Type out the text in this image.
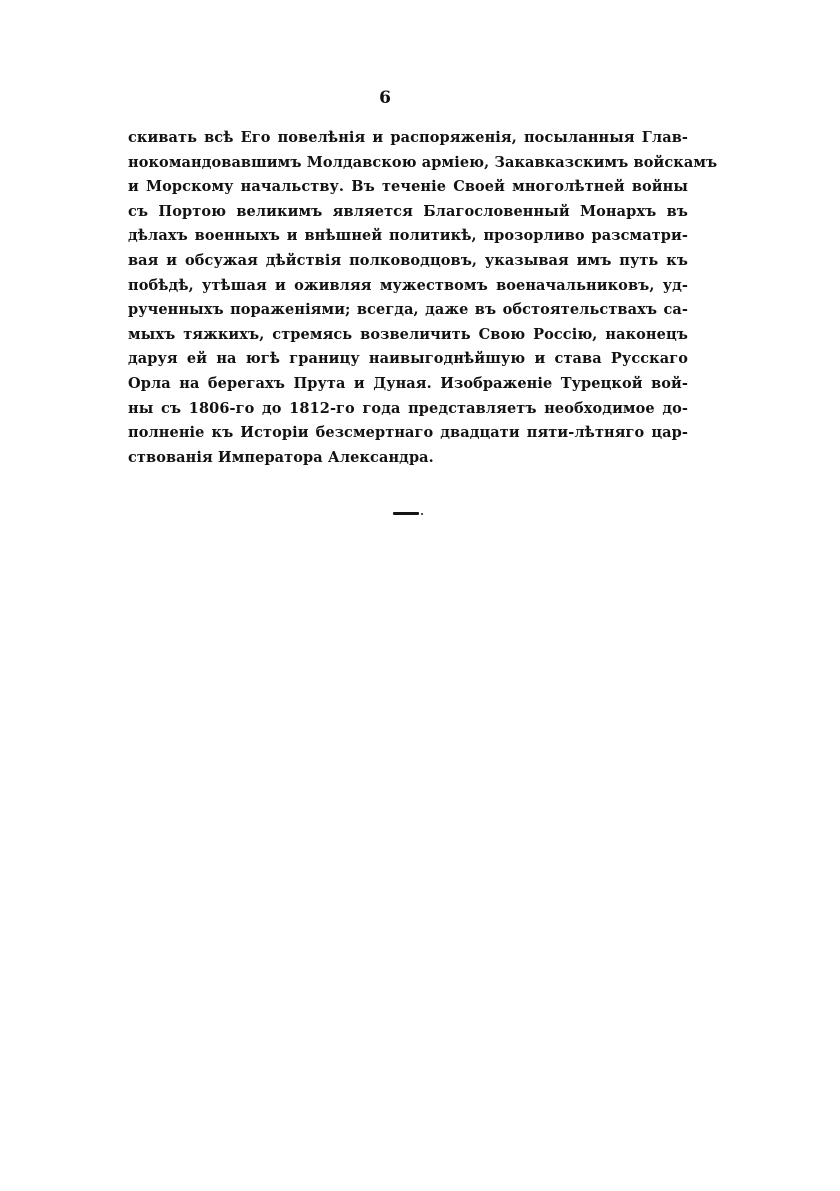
6
скивать всѣ Его повелѣнія и распоряженія, посыланныя Глав-
нокомандовавшимъ Молдавскою арміею, Закавказскимъ войскамъ
и Морскому начальству. Въ теченіе Своей многолѣтней войны
съ Портою великимъ является Благословенный Монархъ въ
дѣлахъ военныхъ и внѣшней политикѣ, прозорливо разсматри-
вая и обсужая дѣйствія полководцовъ, указывая имъ путь къ
побѣдѣ, утѣшая и оживляя мужествомъ военачальниковъ, уд-
рученныхъ пораженіями; всегда, даже въ обстоятельствахъ са-
мыхъ тяжкихъ, стремясь возвеличить Свою Россію, наконецъ
даруя ей на югѣ границу наивыгоднѣйшую и става Русскаго
Орла на берегахъ Прута и Дуная. Изображеніе Турецкой вой-
ны съ 1806-го до 1812-го года представляетъ необходимое до-
полненіе къ Исторіи безсмертнаго двадцати пяти-лѣтняго цар-
ствованія Императора Александра.
